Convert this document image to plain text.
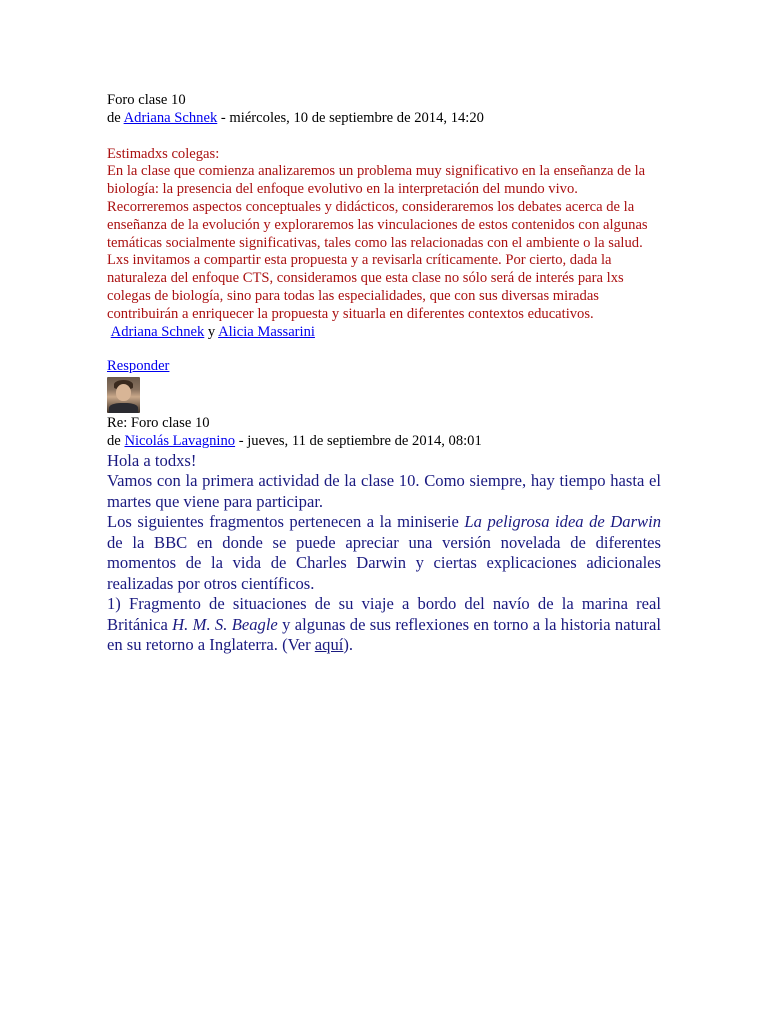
Foro clase 10

de Adriana Schnek - miércoles, 10 de septiembre de 2014, 14:20

Estimadxs colegas:

En la clase que comienza analizaremos un problema muy significativo en la enseñanza de la biología: la presencia del enfoque evolutivo en la interpretación del mundo vivo. Recorreremos aspectos conceptuales y didácticos, consideraremos los debates acerca de la enseñanza de la evolución y exploraremos las vinculaciones de estos contenidos con algunas temáticas socialmente significativas, tales como las relacionadas con el ambiente o la salud.

Lxs invitamos a compartir esta propuesta y a revisarla críticamente. Por cierto, dada la naturaleza del enfoque CTS, consideramos que esta clase no sólo será de interés para lxs colegas de biología, sino para todas las especialidades, que con sus diversas miradas contribuirán a enriquecer la propuesta y situarla en diferentes contextos educativos.

Adriana Schnek y Alicia Massarini

Responder

Re: Foro clase 10

de Nicolás Lavagnino - jueves, 11 de septiembre de 2014, 08:01

Hola a todxs!

Vamos con la primera actividad de la clase 10. Como siempre, hay tiempo hasta el martes que viene para participar.

Los siguientes fragmentos pertenecen a la miniserie La peligrosa idea de Darwin de la BBC en donde se puede apreciar una versión novelada de diferentes momentos de la vida de Charles Darwin y ciertas explicaciones adicionales realizadas por otros científicos.

1) Fragmento de situaciones de su viaje a bordo del navío de la marina real Británica H. M. S. Beagle y algunas de sus reflexiones en torno a la historia natural en su retorno a Inglaterra. (Ver aquí).
